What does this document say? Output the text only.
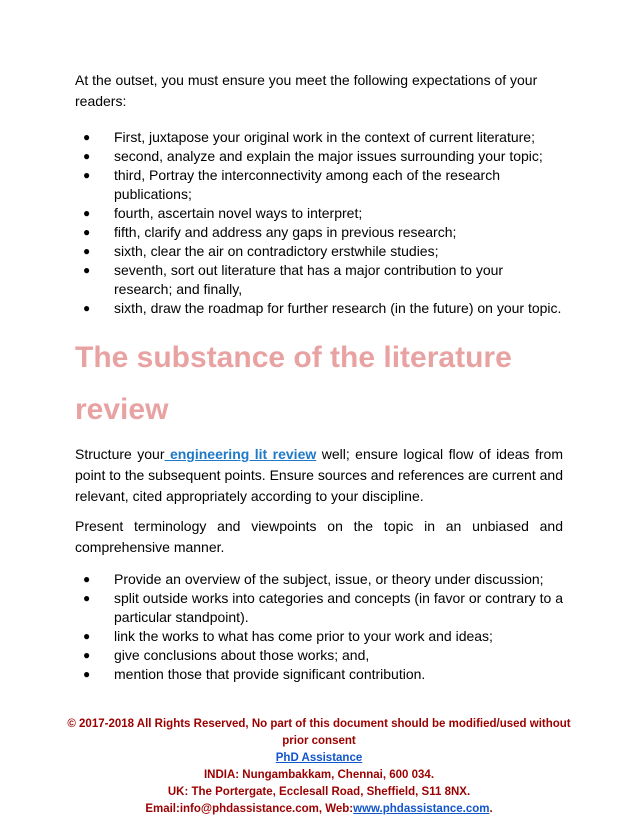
At the outset, you must ensure you meet the following expectations of your readers:

● First, juxtapose your original work in the context of current literature;
● second, analyze and explain the major issues surrounding your topic;
● third, Portray the interconnectivity among each of the research publications;
● fourth, ascertain novel ways to interpret;
● fifth, clarify and address any gaps in previous research;
● sixth, clear the air on contradictory erstwhile studies;
● seventh, sort out literature that has a major contribution to your research; and finally,
● sixth, draw the roadmap for further research (in the future) on your topic.
The substance of the literature
review

Structure your engineering lit review well; ensure logical flow of ideas from point to the subsequent points. Ensure sources and references are current and relevant, cited appropriately according to your discipline.

Present terminology and viewpoints on the topic in an unbiased and comprehensive manner.

● Provide an overview of the subject, issue, or theory under discussion;
● split outside works into categories and concepts (in favor or contrary to a particular standpoint).
● link the works to what has come prior to your work and ideas;
● give conclusions about those works; and,
● mention those that provide significant contribution.
© 2017-2018 All Rights Reserved, No part of this document should be modified/used without prior consent
PhD Assistance
INDIA: Nungambakkam, Chennai, 600 034.
UK: The Portergate, Ecclesall Road, Sheffield, S11 8NX.
Email:info@phdassistance.com, Web:www.phdassistance.com.
